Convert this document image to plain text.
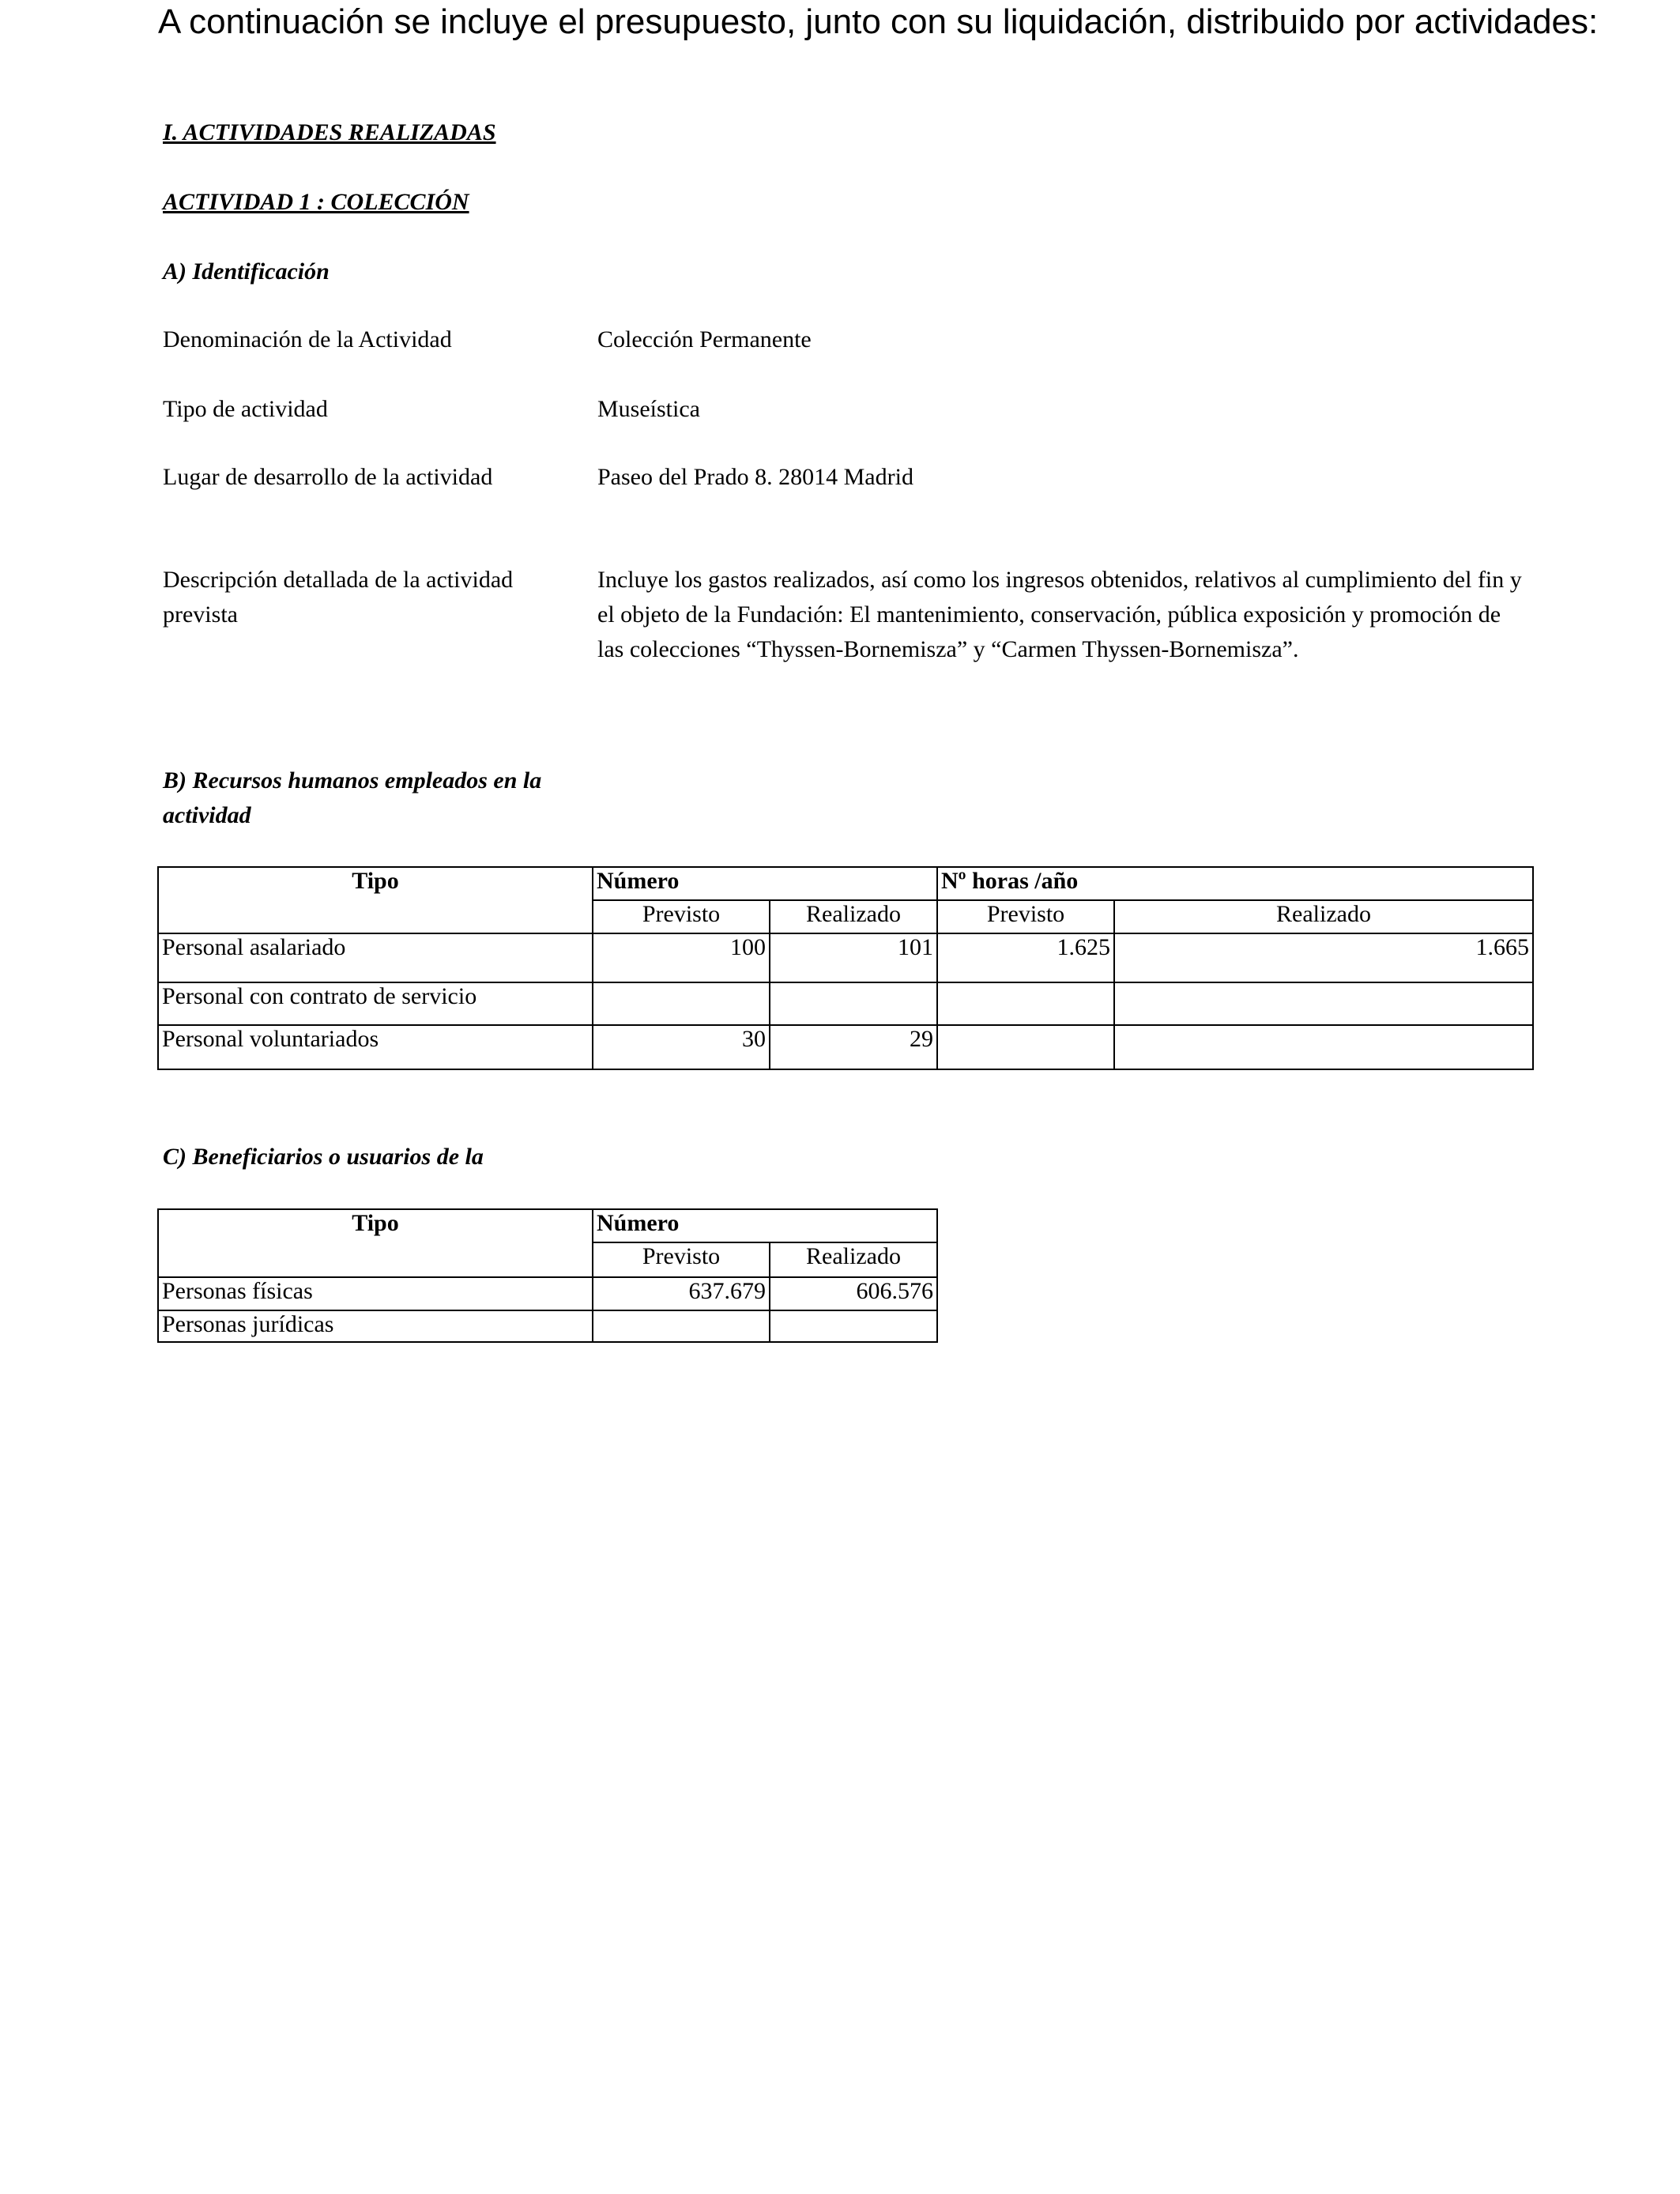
A continuación se incluye el presupuesto, junto con su liquidación, distribuido por actividades:
I. ACTIVIDADES REALIZADAS
ACTIVIDAD 1 : COLECCIÓN
A) Identificación
Denominación de la Actividad	Colección Permanente
Tipo de actividad	Museística
Lugar de desarrollo de la actividad	Paseo del Prado 8. 28014 Madrid
Descripción detallada de la actividad prevista
Incluye los gastos realizados, así como los ingresos obtenidos, relativos al cumplimiento del fin y el objeto de la Fundación: El mantenimiento, conservación, pública exposición y promoción de las colecciones “Thyssen-Bornemisza” y “Carmen Thyssen-Bornemisza”.
B) Recursos humanos empleados en la actividad
Tipo	Número		Nº horas /año	
	Previsto	Realizado	Previsto	Realizado
Personal asalariado	100	101	1.625	1.665
Personal con contrato de servicio				
Personal voluntariados	30	29		
C) Beneficiarios o usuarios de la
Tipo	Número	
	Previsto	Realizado
Personas físicas	637.679	606.576
Personas jurídicas		
